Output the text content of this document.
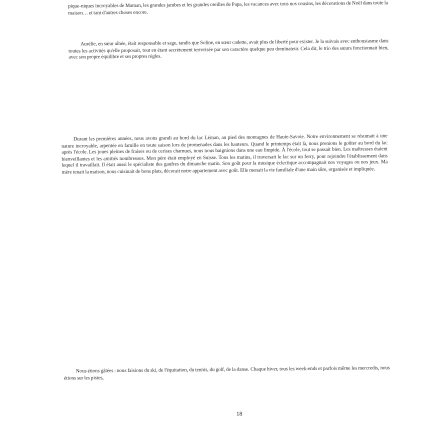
pique-niques incroyables de Maman, les grandes jambes et les grandes oreilles de Papa, les vacances avec tous nos cousins, les décorations de Noël dans toute la maison… et tant d'autres choses encore.

Aurélie, en sœur aînée, était responsable et sage, tandis que Soline, en sœur cadette, avait plus de liberté pour exister. Je la suivais avec enthousiasme dans toutes les activités qu'elle proposait, tout en étant secrètement terrorisée par son caractère quelque peu dominateur. Cela dit, le trio des sœurs fonctionnait bien, avec son propre équilibre et ses propres règles.

Durant les premières années, nous avons grandi au bord du lac Léman, au pied des montagnes de Haute-Savoie. Notre environnement se résumait à une nature incroyable, arpentée en famille en toute saison lors de promenades dans les hauteurs. Quand le printemps était là, nous prenions le goûter au bord du lac après l'école. Les joues pleines de fraises ou de cerises charnues, nous nous baignions dans une eau limpide. À l'école, tout se passait bien. Les maîtresses étaient bienveillantes et les amitiés nombreuses. Mon père était employé en Suisse. Tous les matins, il traversait le lac sur un ferry, pour rejoindre l'établissement dans lequel il travaillait. Il était aussi le spécialiste des gaufres du dimanche matin. Son goût pour la musique éclectique accompagnait nos voyages ou nos jeux. Ma mère tenait la maison, nous cuisinait de bons plats, décorait notre appartement avec goût. Elle menait la vie familiale d'une main sûre, organisée et impliquée.

Nous étions gâtées : nous faisions du ski, de l'équitation, du tennis, du golf, de la danse. Chaque hiver, tous les week-ends et parfois même les mercredis, nous étions sur les pistes,

18
